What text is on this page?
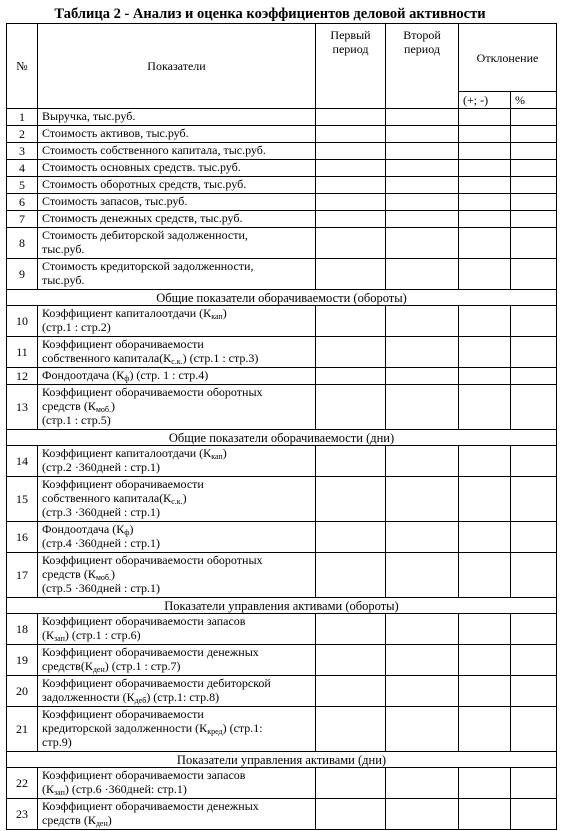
Таблица 2 - Анализ и оценка коэффициентов деловой активности
№	Показатели	Первый период	Второй период	Отклонение	
				(+; -)	%
1	Выручка, тыс.руб.				

2	Стоимость активов, тыс.руб.				

3	Стоимость собственного капитала, тыс.руб.				

4	Стоимость основных средств. тыс.руб.				

5	Стоимость оборотных средств, тыс.руб.				

6	Стоимость запасов, тыс.руб.				

7	Стоимость денежных средств, тыс.руб.				

8	Стоимость дебиторской задолженности,
тыс.руб.				

9	Стоимость кредиторской задолженности,
тыс.руб.				

Общие показатели оборачиваемости (обороты)					
10	Коэффициент капиталоотдачи $(К_{кап})$
(стр.1 : стр.2)				

11	Коэффициент оборачиваемости
собственного $капитала(К_{с.к.})$ (стр.1 : стр.3)				

12	Фондоотдача $(К_ф)$ (стр. 1 : стр.4)				

13	Коэффициент оборачиваемости оборотных
средств $(К_{моб.})$
(стр.1 : стр.5)				

Общие показатели оборачиваемости (дни)					
14	Коэффициент капиталоотдачи $(К_{кап})$
(стр.2 ·360дней : стр.1)				

15	Коэффициент оборачиваемости
собственного $капитала(К_{с.к.})$
(стр.3 ·360дней : стр.1)				

16	Фондоотдача $(К_ф)$
(стр.4 ·360дней : стр.1)				

17	Коэффициент оборачиваемости оборотных
средств $(К_{моб.})$
(стр.5 ·360дней : стр.1)				

Показатели управления активами (обороты)					
18	Коэффициент оборачиваемости запасов
$(К_{зап})$ (стр.1 : стр.6)				

19	Коэффициент оборачиваемости денежных
$средств(К_{ден})$ (стр.1 : стр.7)				

20	Коэффициент оборачиваемости дебиторской
задолженности $(К_{деб})$ (стр.1: стр.8)				

21	Коэффициент оборачиваемости
кредиторской задолженности $(К_{кред})$ (стр.1:
стр.9)				

Показатели управления активами (дни)					
22	Коэффициент оборачиваемости запасов
$(К_{зап})$ (стр.6 ·360дней: стр.1)				

23	Коэффициент оборачиваемости денежных
средств $(К_{ден})$				
